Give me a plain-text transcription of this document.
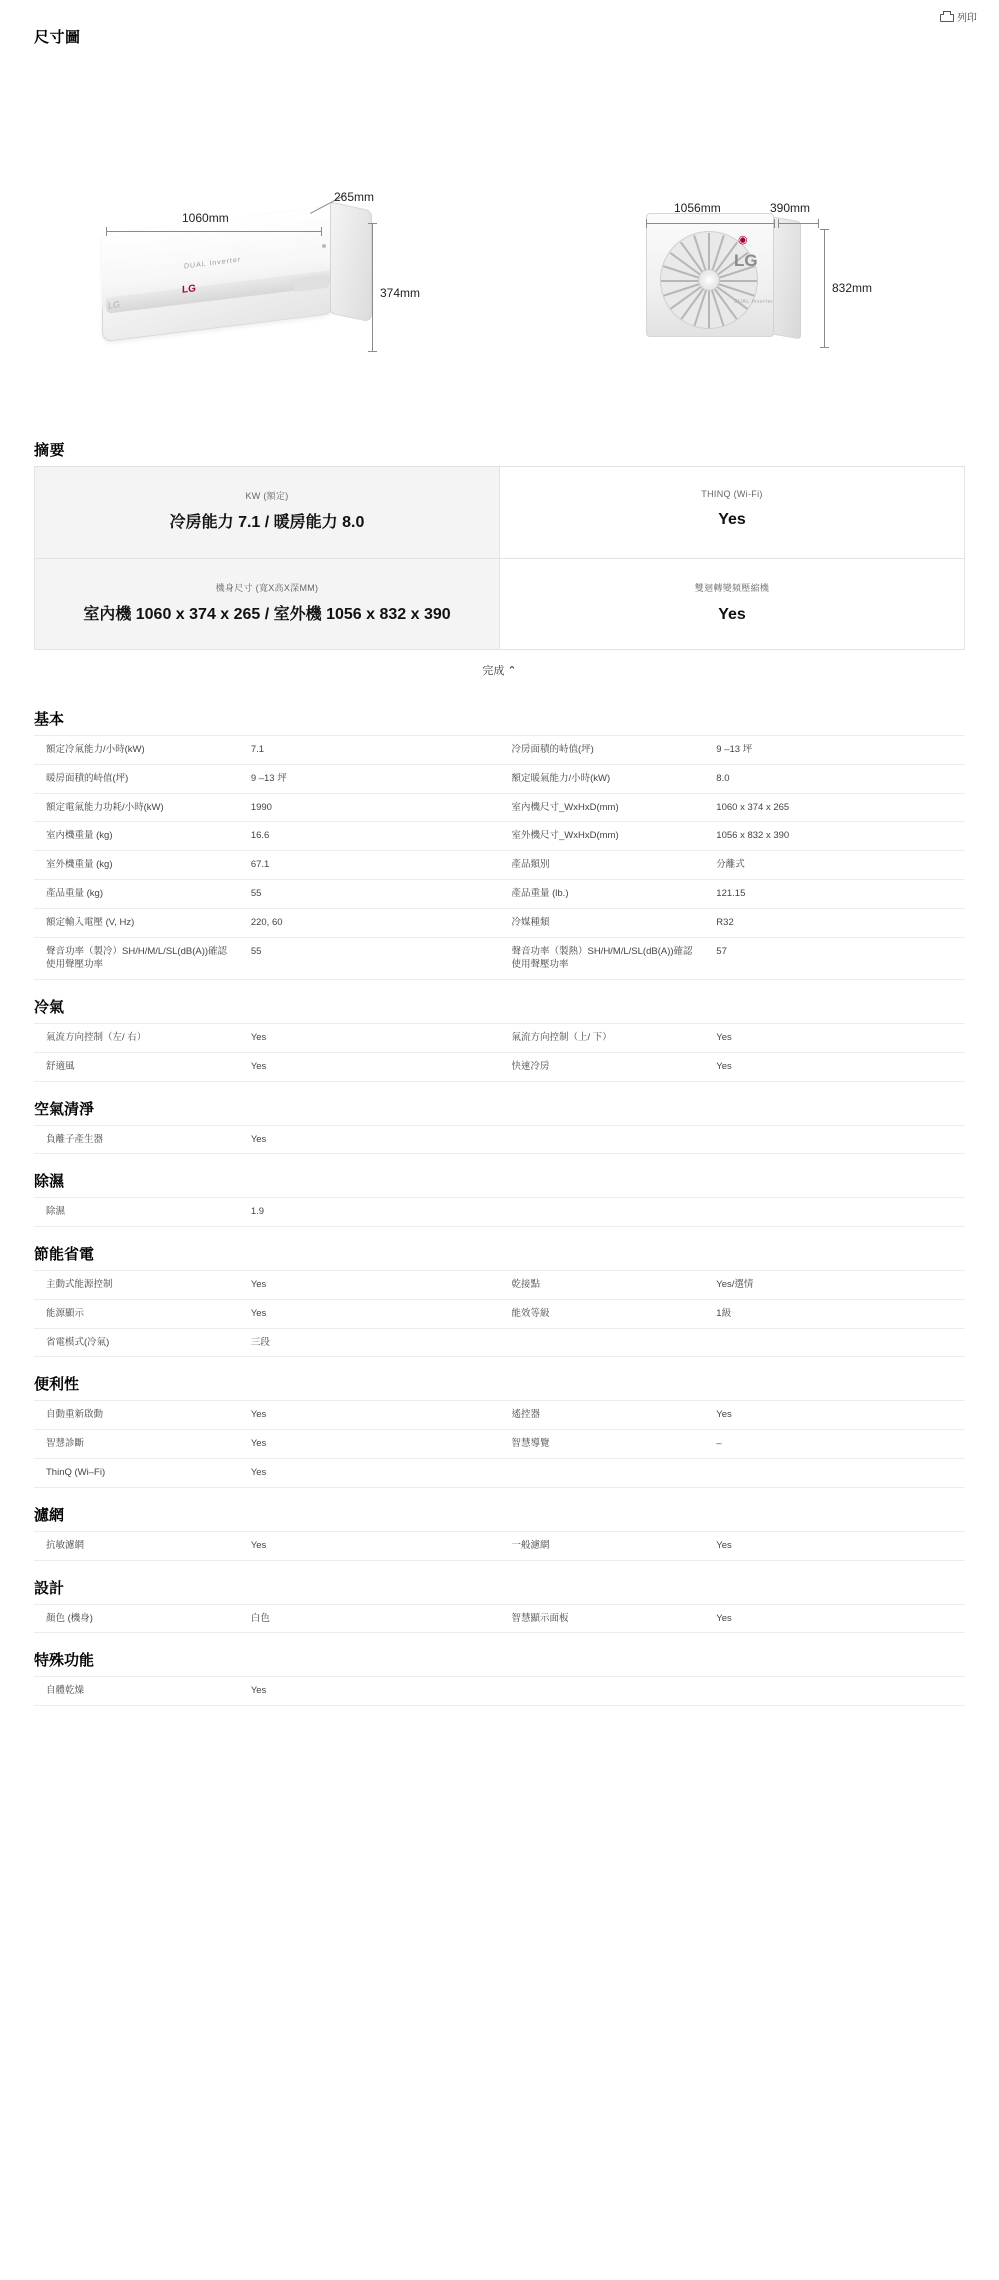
列印
尺寸圖
DUAL Inverter
LG
LG
1060mm
265mm
374mm
◉
LG
DUAL Inverter
1056mm	390mm
832mm
摘要
KW (額定)
冷房能力 7.1 / 暖房能力 8.0
THINQ (Wi-Fi)
Yes
機身尺寸 (寬X高X深MM)
室內機 1060 x 374 x 265 / 室外機 1056 x 832 x 390
雙迴轉變頻壓縮機
Yes
完成 ⌃
基本
額定冷氣能力/小時(kW)	7.1	冷房面積的峙值(坪)	9 –13 坪
暖房面積的峙值(坪)	9 –13 坪	額定暖氣能力/小時(kW)	8.0
額定電氣能力功耗/小時(kW)	1990	室內機尺寸_WxHxD(mm)	1060 x 374 x 265
室內機重量 (kg)	16.6	室外機尺寸_WxHxD(mm)	1056 x 832 x 390
室外機重量 (kg)	67.1	產品類別	分離式
產品重量 (kg)	55	產品重量 (lb.)	121.15
額定輸入電壓 (V, Hz)	220, 60	冷媒種類	R32
聲音功率（製冷）SH/H/M/L/SL(dB(A))確認使用聲壓功率	55	聲音功率（製熱）SH/H/M/L/SL(dB(A))確認使用聲壓功率	57
冷氣
氣流方向控制（左/ 右）	Yes	氣流方向控制（上/ 下）	Yes
舒適風	Yes	快速冷房	Yes
空氣清淨
負離子產生器	Yes		
除濕
除濕	1.9		
節能省電
主動式能源控制	Yes	乾接點	Yes/選情
能源顯示	Yes	能效等級	1級
省電模式(冷氣)	三段		
便利性
自動重新啟動	Yes	遙控器	Yes
智慧診斷	Yes	智慧導覽	–
ThinQ (Wi–Fi)	Yes		
濾網
抗敏濾網	Yes	一般濾網	Yes
設計
顏色 (機身)	白色	智慧顯示面板	Yes
特殊功能
自體乾燥	Yes		
